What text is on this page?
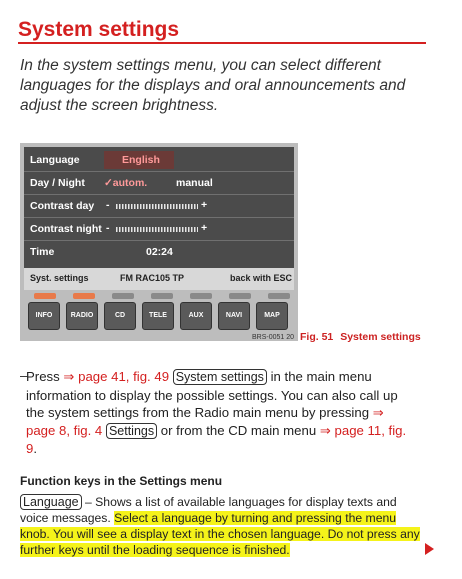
System settings
In the system settings menu, you can select different languages for the displays and oral announcements and adjust the screen brightness.
Language	English
Day / Night ✓autom.	manual
Contrast day -	+
Contrast night -	+
Time	02:24
Syst. settings	FM RAC105 TP	back with ESC
INFO	RADIO	CD	TELE	AUX	NAVI	MAP
BRS-0051 20 Fig. 51 System settings
–
Press ⇒ page 41, fig. 49 System settings in the main menu information to display the possible settings. You can also call up the system settings from the Radio main menu by pressing ⇒ page 8, fig. 4 Settings or from the CD main menu ⇒ page 11, fig. 9.
Function keys in the Settings menu
Language – Shows a list of available languages for display texts and voice messages. Select a language by turning and pressing the menu knob. You will see a display text in the chosen language. Do not press any further keys until the loading sequence is finished.
